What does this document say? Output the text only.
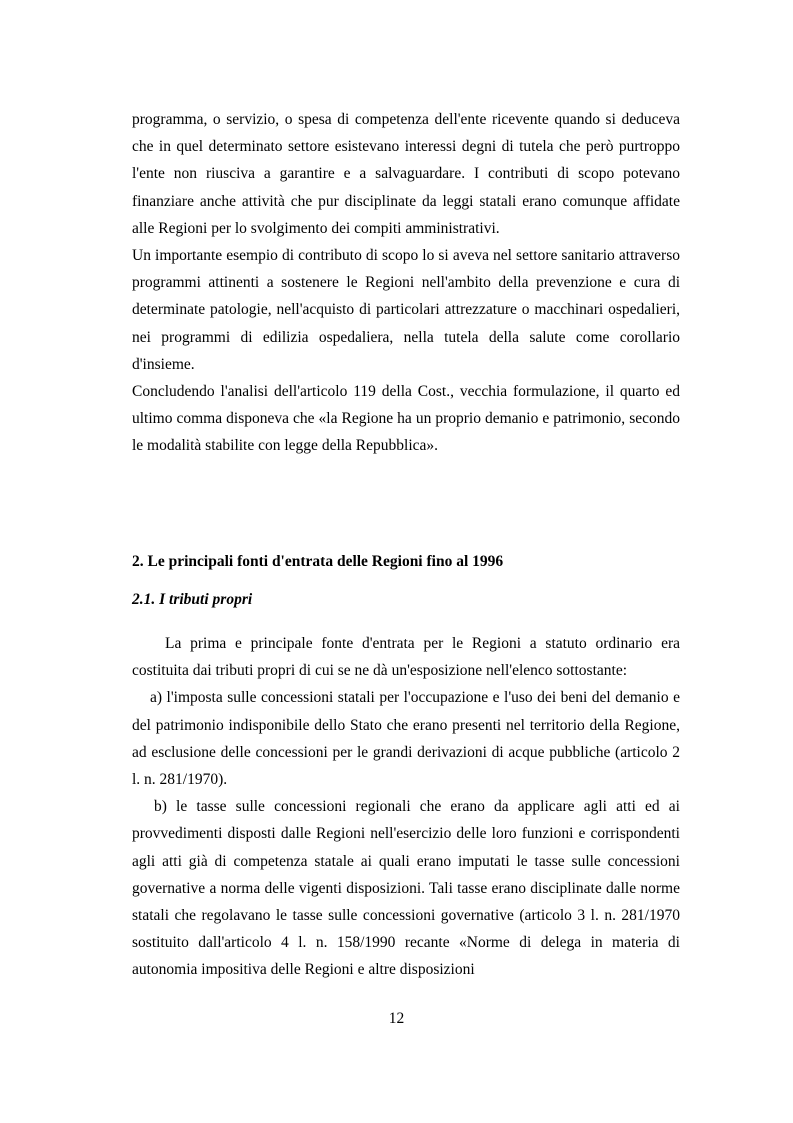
programma, o servizio, o spesa di competenza dell'ente ricevente quando si deduceva che in quel determinato settore esistevano interessi degni di tutela che però purtroppo l'ente non riusciva a garantire e a salvaguardare. I contributi di scopo potevano finanziare anche attività che pur disciplinate da leggi statali erano comunque affidate alle Regioni per lo svolgimento dei compiti amministrativi.

Un importante esempio di contributo di scopo lo si aveva nel settore sanitario attraverso programmi attinenti a sostenere le Regioni nell'ambito della prevenzione e cura di determinate patologie, nell'acquisto di particolari attrezzature o macchinari ospedalieri, nei programmi di edilizia ospedaliera, nella tutela della salute come corollario d'insieme.

Concludendo l'analisi dell'articolo 119 della Cost., vecchia formulazione, il quarto ed ultimo comma disponeva che «la Regione ha un proprio demanio e patrimonio, secondo le modalità stabilite con legge della Repubblica».

2. Le principali fonti d'entrata delle Regioni fino al 1996

2.1. I tributi propri

La prima e principale fonte d'entrata per le Regioni a statuto ordinario era costituita dai tributi propri di cui se ne dà un'esposizione nell'elenco sottostante:

a) l'imposta sulle concessioni statali per l'occupazione e l'uso dei beni del demanio e del patrimonio indisponibile dello Stato che erano presenti nel territorio della Regione, ad esclusione delle concessioni per le grandi derivazioni di acque pubbliche (articolo 2 l. n. 281/1970).

b) le tasse sulle concessioni regionali che erano da applicare agli atti ed ai provvedimenti disposti dalle Regioni nell'esercizio delle loro funzioni e corrispondenti agli atti già di competenza statale ai quali erano imputati le tasse sulle concessioni governative a norma delle vigenti disposizioni. Tali tasse erano disciplinate dalle norme statali che regolavano le tasse sulle concessioni governative (articolo 3 l. n. 281/1970 sostituito dall'articolo 4 l. n. 158/1990 recante «Norme di delega in materia di autonomia impositiva delle Regioni e altre disposizioni

12
